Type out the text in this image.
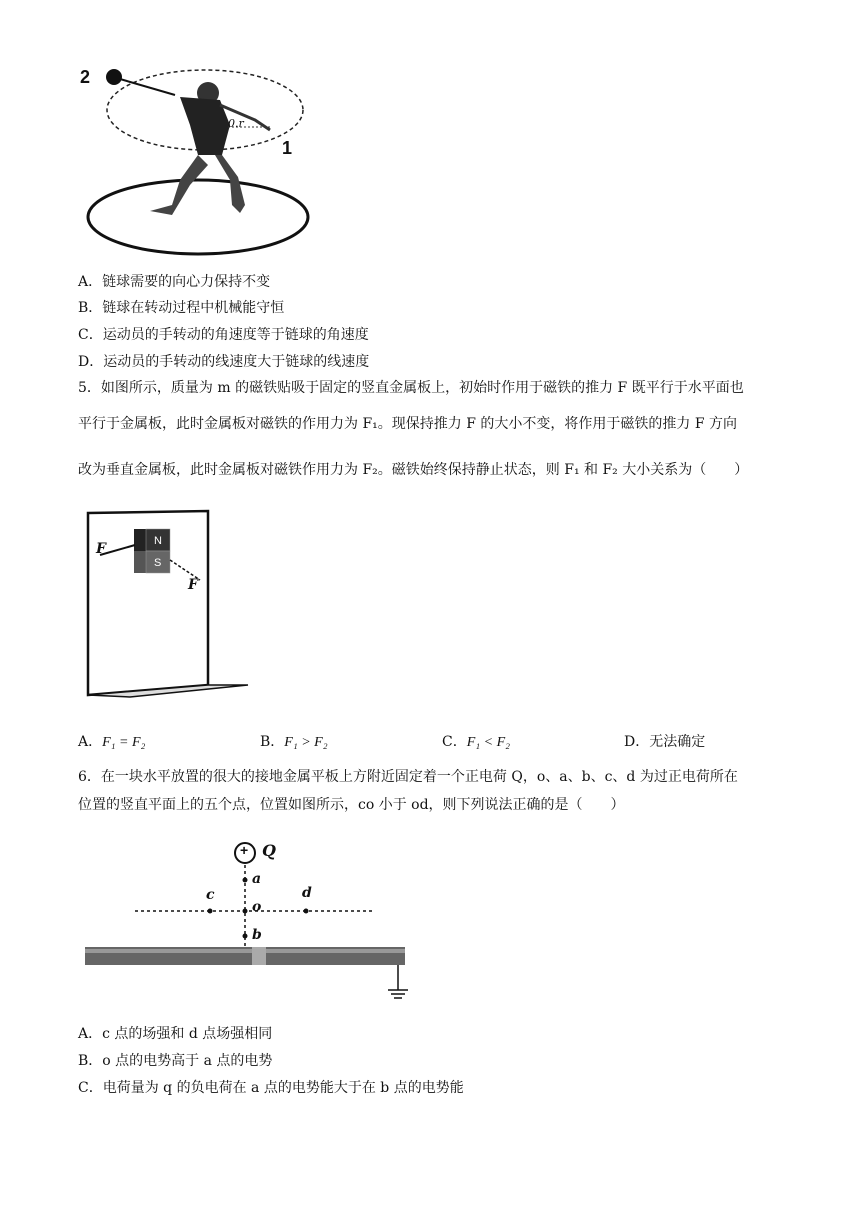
2
1
0.r
A．链球需要的向心力保持不变
B．链球在转动过程中机械能守恒
C．运动员的手转动的角速度等于链球的角速度
D．运动员的手转动的线速度大于链球的线速度
5．如图所示，质量为 m 的磁铁贴吸于固定的竖直金属板上，初始时作用于磁铁的推力 F 既平行于水平面也
平行于金属板，此时金属板对磁铁的作用力为 F₁。现保持推力 F 的大小不变，将作用于磁铁的推力 F 方向
改为垂直金属板，此时金属板对磁铁作用力为 F₂。磁铁始终保持静止状态，则 F₁ 和 F₂ 大小关系为（　　）
F
F
N
S
A．F₁ = F₂	B．F₁ > F₂	C．F₁ < F₂	D．无法确定
6．在一块水平放置的很大的接地金属平板上方附近固定着一个正电荷 Q，o、a、b、c、d 为过正电荷所在
位置的竖直平面上的五个点，位置如图所示，co 小于 od，则下列说法正确的是（　　）
+ Q
a
o
b
c	d
A．c 点的场强和 d 点场强相同
B．o 点的电势高于 a 点的电势
C．电荷量为 q 的负电荷在 a 点的电势能大于在 b 点的电势能
